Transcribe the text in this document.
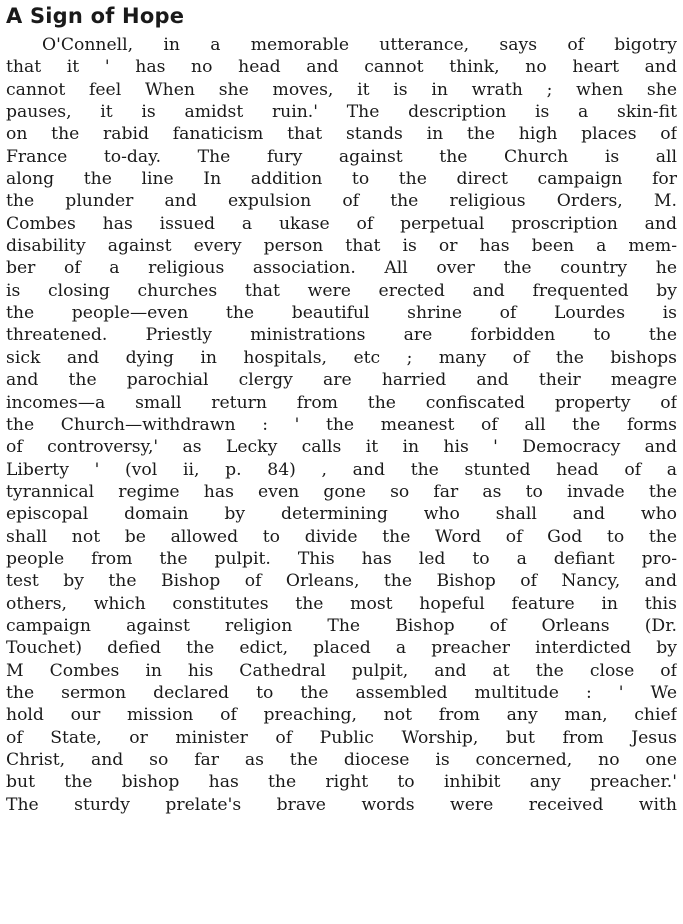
A Sign of Hope
O'Connell, in a memorable utterance, says of bigotry
that it ' has no head and cannot think, no heart and
cannot feel When she moves, it is in wrath ; when she
pauses, it is amidst ruin.' The description is a skin-fit
on the rabid fanaticism that stands in the high places of
France to-day. The fury against the Church is all
along the line In addition to the direct campaign for
the plunder and expulsion of the religious Orders, M.
Combes has issued a ukase of perpetual proscription and
disability against every person that is or has been a mem-
ber of a religious association. All over the country he
is closing churches that were erected and frequented by
the people—even the beautiful shrine of Lourdes is
threatened. Priestly ministrations are forbidden to the
sick and dying in hospitals, etc ; many of the bishops
and the parochial clergy are harried and their meagre
incomes—a small return from the confiscated property of
the Church—withdrawn : ' the meanest of all the forms
of controversy,' as Lecky calls it in his ' Democracy and
Liberty ' (vol ii, p. 84) , and the stunted head of a
tyrannical regime has even gone so far as to invade the
episcopal domain by determining who shall and who
shall not be allowed to divide the Word of God to the
people from the pulpit. This has led to a defiant pro-
test by the Bishop of Orleans, the Bishop of Nancy, and
others, which constitutes the most hopeful feature in this
campaign against religion The Bishop of Orleans (Dr.
Touchet) defied the edict, placed a preacher interdicted by
M Combes in his Cathedral pulpit, and at the close of
the sermon declared to the assembled multitude : ' We
hold our mission of preaching, not from any man, chief
of State, or minister of Public Worship, but from Jesus
Christ, and so far as the diocese is concerned, no one
but the bishop has the right to inhibit any preacher.'
The sturdy prelate's brave words were received with
